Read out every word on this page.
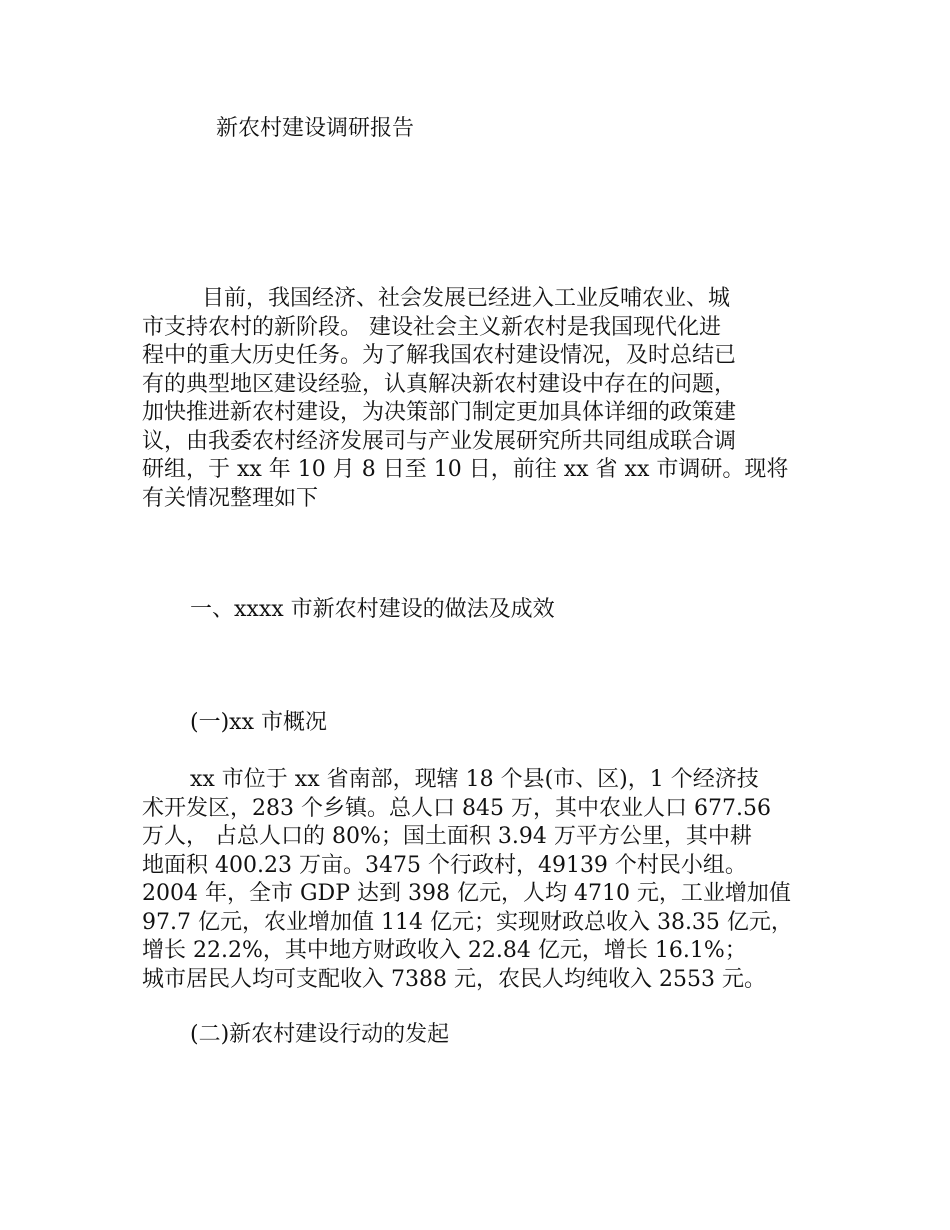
新农村建设调研报告
目前，我国经济、社会发展已经进入工业反哺农业、城
市支持农村的新阶段。 建设社会主义新农村是我国现代化进
程中的重大历史任务。为了解我国农村建设情况，及时总结已
有的典型地区建设经验，认真解决新农村建设中存在的问题，
加快推进新农村建设，为决策部门制定更加具体详细的政策建
议，由我委农村经济发展司与产业发展研究所共同组成联合调
研组，于 xx 年 10 月 8 日至 10 日，前往 xx 省 xx 市调研。现将
有关情况整理如下
一、xxxx 市新农村建设的做法及成效
(一)xx 市概况
xx 市位于 xx 省南部，现辖 18 个县(市、区)，1 个经济技
术开发区，283 个乡镇。总人口 845 万，其中农业人口 677.56
万人， 占总人口的 80%；国土面积 3.94 万平方公里，其中耕
地面积 400.23 万亩。3475 个行政村，49139 个村民小组。
2004 年，全市 GDP 达到 398 亿元，人均 4710 元，工业增加值
97.7 亿元，农业增加值 114 亿元；实现财政总收入 38.35 亿元，
增长 22.2%，其中地方财政收入 22.84 亿元，增长 16.1%；
城市居民人均可支配收入 7388 元，农民人均纯收入 2553 元。
(二)新农村建设行动的发起
